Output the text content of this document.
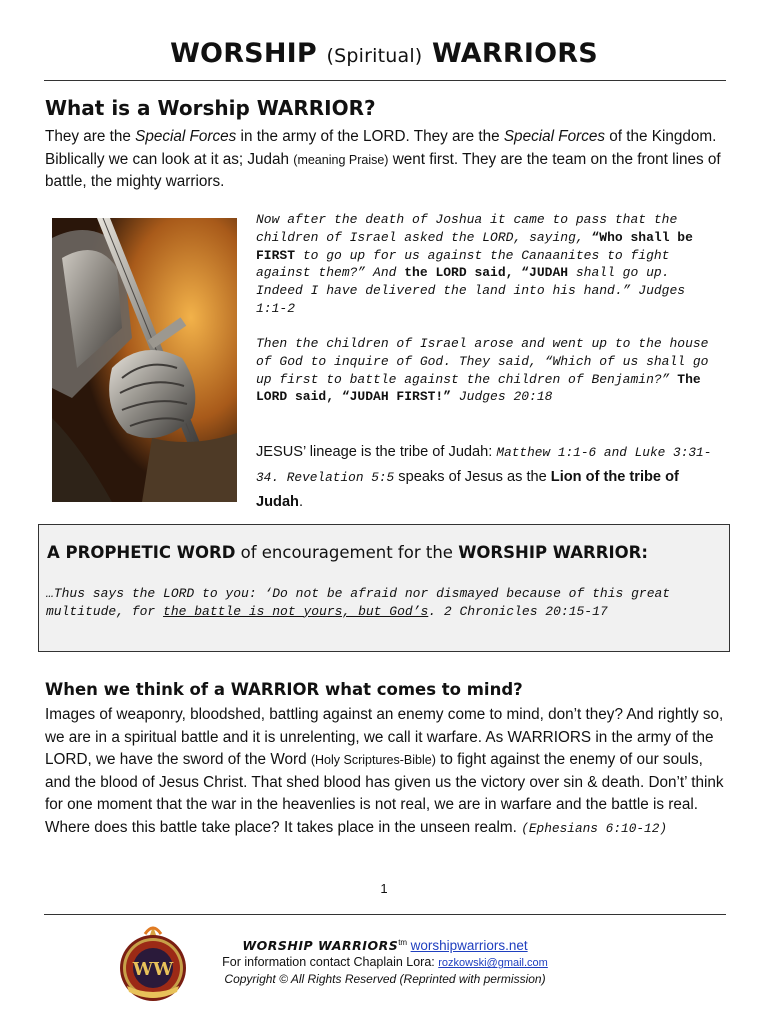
WORSHIP (Spiritual) WARRIORS
What is a Worship WARRIOR?
They are the Special Forces in the army of the LORD. They are the Special Forces of the Kingdom. Biblically we can look at it as; Judah (meaning Praise) went first. They are the team on the front lines of battle, the mighty warriors.
Now after the death of Joshua it came to pass that the children of Israel asked the LORD, saying, “Who shall be FIRST to go up for us against the Canaanites to fight against them?” And the LORD said, “JUDAH shall go up. Indeed I have delivered the land into his hand.” Judges 1:1-2
Then the children of Israel arose and went up to the house of God to inquire of God. They said, “Which of us shall go up first to battle against the children of Benjamin?” The LORD said, “JUDAH FIRST!” Judges 20:18
JESUS’ lineage is the tribe of Judah: Matthew 1:1-6 and Luke 3:31-34. Revelation 5:5 speaks of Jesus as the Lion of the tribe of Judah.
A PROPHETIC WORD of encouragement for the WORSHIP WARRIOR:
…Thus says the LORD to you: ‘Do not be afraid nor dismayed because of this great multitude, for the battle is not yours, but God’s. 2 Chronicles 20:15-17
When we think of a WARRIOR what comes to mind?
Images of weaponry, bloodshed, battling against an enemy come to mind, don’t they? And rightly so, we are in a spiritual battle and it is unrelenting, we call it warfare. As WARRIORS in the army of the LORD, we have the sword of the Word (Holy Scriptures-Bible) to fight against the enemy of our souls, and the blood of Jesus Christ. That shed blood has given us the victory over sin & death. Don’t’ think for one moment that the war in the heavenlies is not real, we are in warfare and the battle is real. Where does this battle take place? It takes place in the unseen realm. (Ephesians 6:10-12)
1
WW
WORSHIP $WARRIORS^{tm}$ worshipwarriors.net
For information contact Chaplain Lora: rozkowski@gmail.com
Copyright © All Rights Reserved (Reprinted with permission)
